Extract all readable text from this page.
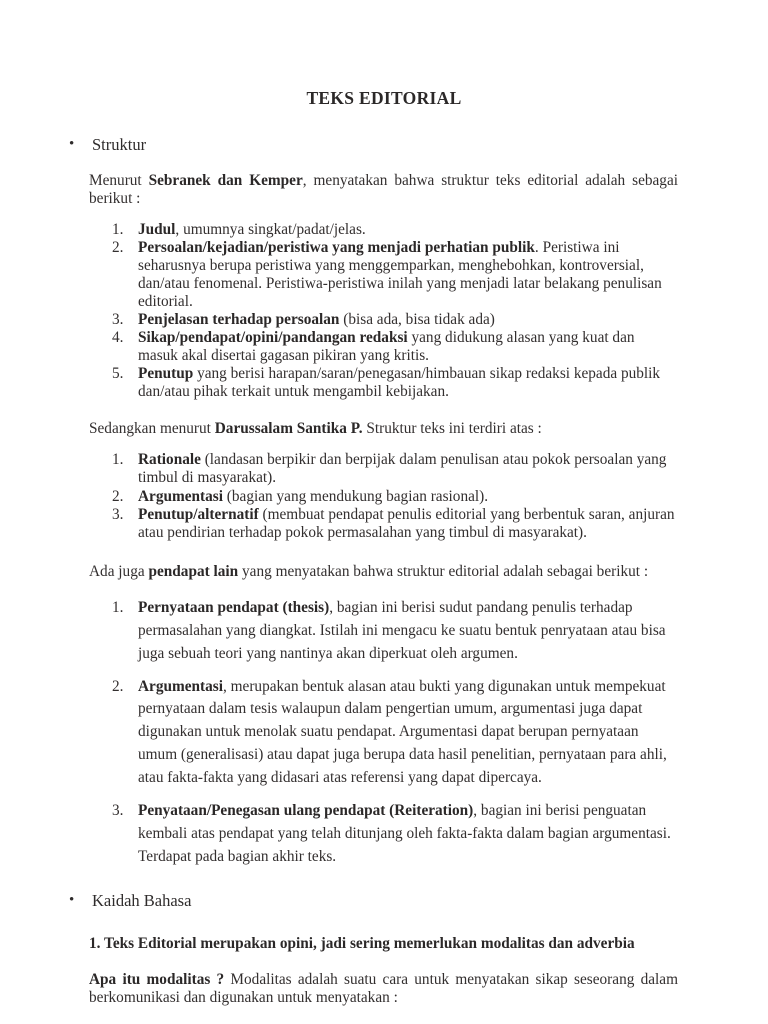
TEKS EDITORIAL
• Struktur

Menurut Sebranek dan Kemper, menyatakan bahwa struktur teks editorial adalah sebagai berikut :

1. Judul, umumnya singkat/padat/jelas.
2. Persoalan/kejadian/peristiwa yang menjadi perhatian publik. Peristiwa ini seharusnya berupa peristiwa yang menggemparkan, menghebohkan, kontroversial, dan/atau fenomenal. Peristiwa-peristiwa inilah yang menjadi latar belakang penulisan editorial.
3. Penjelasan terhadap persoalan (bisa ada, bisa tidak ada)
4. Sikap/pendapat/opini/pandangan redaksi yang didukung alasan yang kuat dan masuk akal disertai gagasan pikiran yang kritis.
5. Penutup yang berisi harapan/saran/penegasan/himbauan sikap redaksi kepada publik dan/atau pihak terkait untuk mengambil kebijakan.

Sedangkan menurut Darussalam Santika P. Struktur teks ini terdiri atas :

1. Rationale (landasan berpikir dan berpijak dalam penulisan atau pokok persoalan yang timbul di masyarakat).
2. Argumentasi (bagian yang mendukung bagian rasional).
3. Penutup/alternatif (membuat pendapat penulis editorial yang berbentuk saran, anjuran atau pendirian terhadap pokok permasalahan yang timbul di masyarakat).

Ada juga pendapat lain yang menyatakan bahwa struktur editorial adalah sebagai berikut :

1. Pernyataan pendapat (thesis), bagian ini berisi sudut pandang penulis terhadap permasalahan yang diangkat. Istilah ini mengacu ke suatu bentuk penryataan atau bisa juga sebuah teori yang nantinya akan diperkuat oleh argumen.
2. Argumentasi, merupakan bentuk alasan atau bukti yang digunakan untuk mempekuat pernyataan dalam tesis walaupun dalam pengertian umum, argumentasi juga dapat digunakan untuk menolak suatu pendapat. Argumentasi dapat berupan pernyataan umum (generalisasi) atau dapat juga berupa data hasil penelitian, pernyataan para ahli, atau fakta-fakta yang didasari atas referensi yang dapat dipercaya.
3. Penyataan/Penegasan ulang pendapat (Reiteration), bagian ini berisi penguatan kembali atas pendapat yang telah ditunjang oleh fakta-fakta dalam bagian argumentasi. Terdapat pada bagian akhir teks.
• Kaidah Bahasa

1. Teks Editorial merupakan opini, jadi sering memerlukan modalitas dan adverbia

Apa itu modalitas ? Modalitas adalah suatu cara untuk menyatakan sikap seseorang dalam berkomunikasi dan digunakan untuk menyatakan :
